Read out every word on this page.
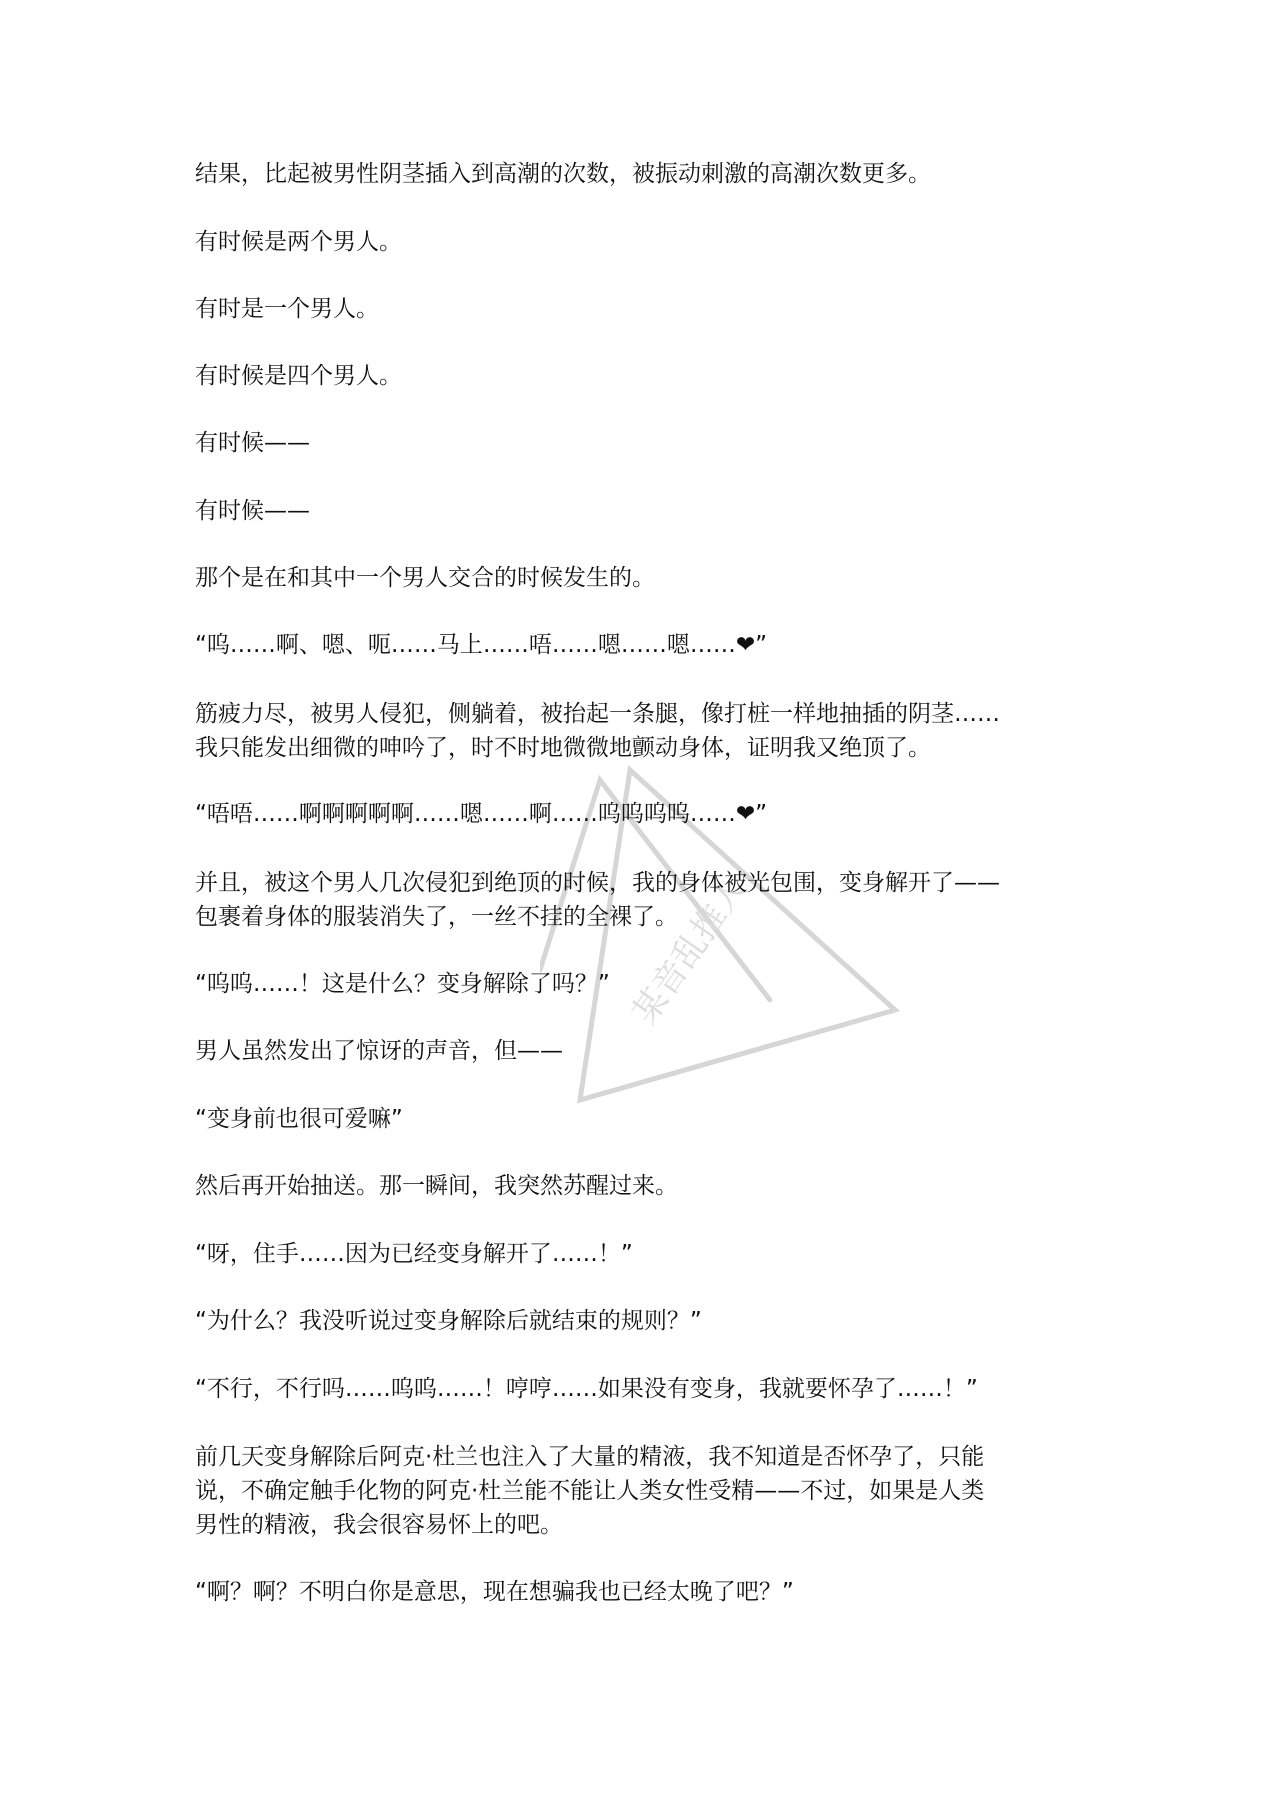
某音乱推人
结果，比起被男性阴茎插入到高潮的次数，被振动刺激的高潮次数更多。
有时候是两个男人。
有时是一个男人。
有时候是四个男人。
有时候——
有时候——
那个是在和其中一个男人交合的时候发生的。
“呜……啊、嗯、呃……马上……唔……嗯……嗯……❤”
筋疲力尽，被男人侵犯，侧躺着，被抬起一条腿，像打桩一样地抽插的阴茎……
我只能发出细微的呻吟了，时不时地微微地颤动身体，证明我又绝顶了。
“唔唔……啊啊啊啊啊……嗯……啊……呜呜呜呜……❤”
并且，被这个男人几次侵犯到绝顶的时候，我的身体被光包围，变身解开了——
包裹着身体的服装消失了，一丝不挂的全裸了。
“呜呜……！这是什么？变身解除了吗？”
男人虽然发出了惊讶的声音，但——
“变身前也很可爱嘛”
然后再开始抽送。那一瞬间，我突然苏醒过来。
“呀，住手……因为已经变身解开了……！”
“为什么？我没听说过变身解除后就结束的规则？”
“不行，不行吗……呜呜……！哼哼……如果没有变身，我就要怀孕了……！”
前几天变身解除后阿克·杜兰也注入了大量的精液，我不知道是否怀孕了，只能
说，不确定触手化物的阿克·杜兰能不能让人类女性受精——不过，如果是人类
男性的精液，我会很容易怀上的吧。
“啊？啊？不明白你是意思，现在想骗我也已经太晚了吧？”
